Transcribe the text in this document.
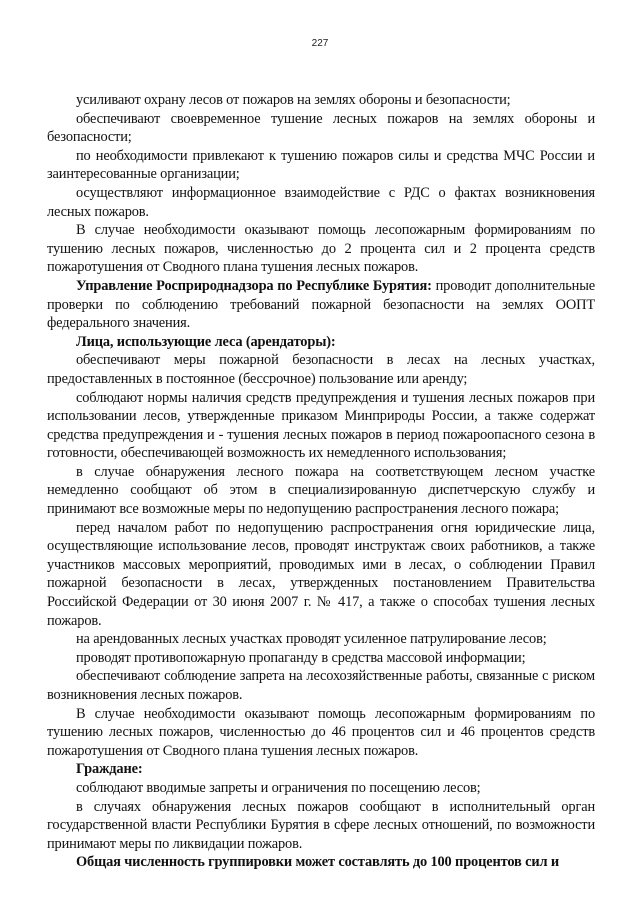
227

усиливают охрану лесов от пожаров на землях обороны и безопасности;

обеспечивают своевременное тушение лесных пожаров на землях обороны и безопасности;

по необходимости привлекают к тушению пожаров силы и средства МЧС России и заинтересованные организации;

осуществляют информационное взаимодействие с РДС о фактах возникновения лесных пожаров.

В случае необходимости оказывают помощь лесопожарным формированиям по тушению лесных пожаров, численностью до 2 процента сил и 2 процента средств пожаротушения от Сводного плана тушения лесных пожаров.

Управление Росприроднадзора по Республике Бурятия: проводит дополнительные проверки по соблюдению требований пожарной безопасности на землях ООПТ федерального значения.

Лица, использующие леса (арендаторы):

обеспечивают меры пожарной безопасности в лесах на лесных участках, предоставленных в постоянное (бессрочное) пользование или аренду;

соблюдают нормы наличия средств предупреждения и тушения лесных пожаров при использовании лесов, утвержденные приказом Минприроды России, а также содержат средства предупреждения и - тушения лесных пожаров в период пожароопасного сезона в готовности, обеспечивающей возможность их немедленного использования;

в случае обнаружения лесного пожара на соответствующем лесном участке немедленно сообщают об этом в специализированную диспетчерскую службу и принимают все возможные меры по недопущению распространения лесного пожара;

перед началом работ по недопущению распространения огня юридические лица, осуществляющие использование лесов, проводят инструктаж своих работников, а также участников массовых мероприятий, проводимых ими в лесах, о соблюдении Правил пожарной безопасности в лесах, утвержденных постановлением Правительства Российской Федерации от 30 июня 2007 г. № 417, а также о способах тушения лесных пожаров.

на арендованных лесных участках проводят усиленное патрулирование лесов;

проводят противопожарную пропаганду в средства массовой информации;

обеспечивают соблюдение запрета на лесохозяйственные работы, связанные с риском возникновения лесных пожаров.

В случае необходимости оказывают помощь лесопожарным формированиям по тушению лесных пожаров, численностью до 46 процентов сил и 46 процентов средств пожаротушения от Сводного плана тушения лесных пожаров.

Граждане:

соблюдают вводимые запреты и ограничения по посещению лесов;

в случаях обнаружения лесных пожаров сообщают в исполнительный орган государственной власти Республики Бурятия в сфере лесных отношений, по возможности принимают меры по ликвидации пожаров.

Общая численность группировки может составлять до 100 процентов сил и
